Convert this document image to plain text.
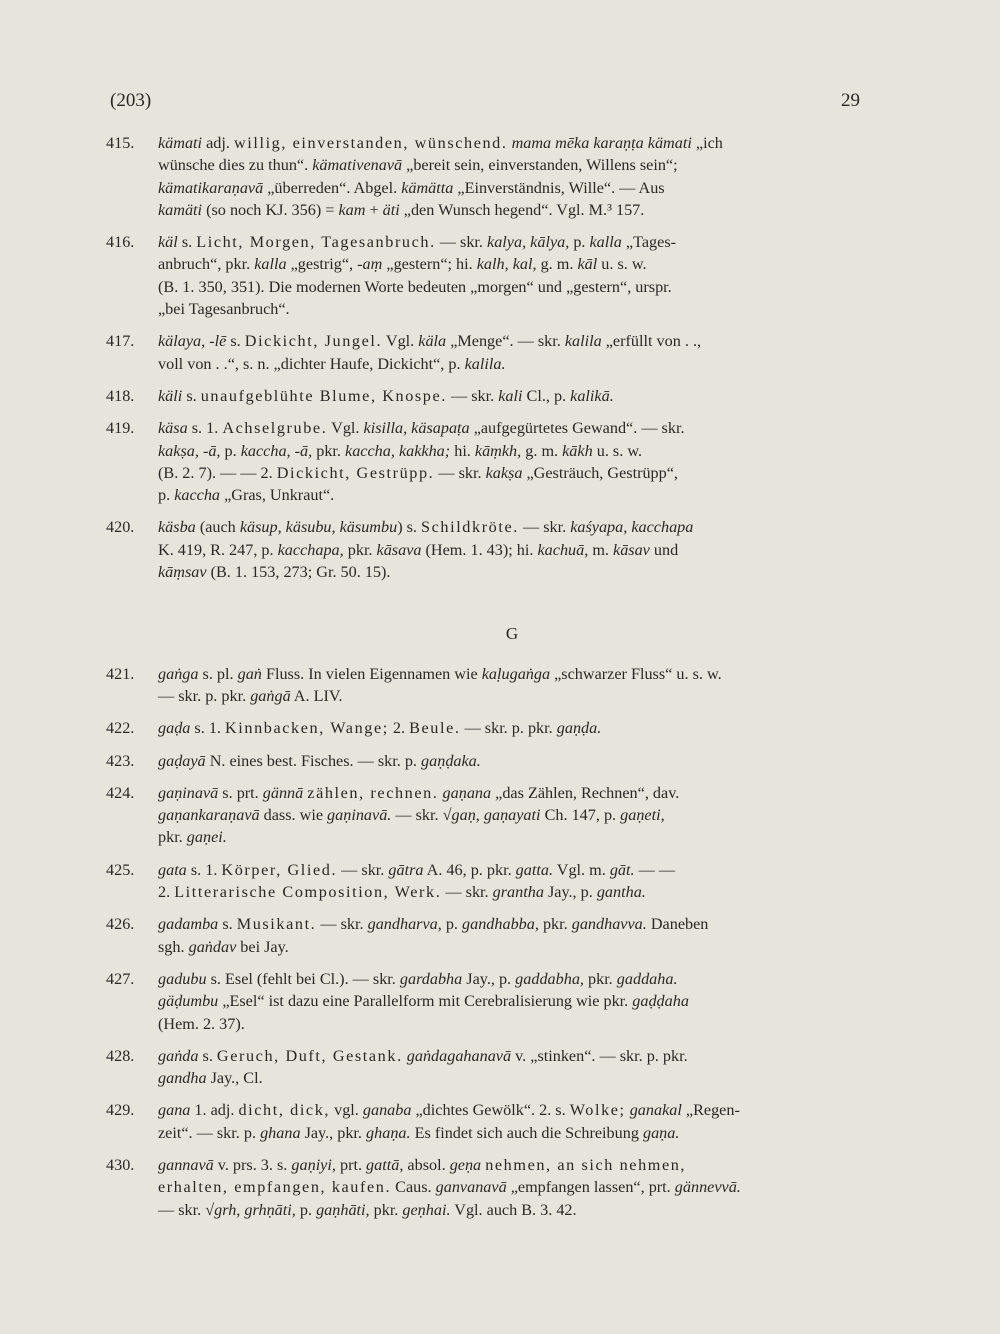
(203)	29
415.	kämati adj. willig, einverstanden, wünschend. mama mēka karaṇṭa kämati „ich
wünsche dies zu thun“. kämativenavā „bereit sein, einverstanden, Willens sein“;
kämatikaraṇavā „überreden“. Abgel. kämätta „Einverständnis, Wille“. — Aus
kamäti (so noch KJ. 356) = kam + äti „den Wunsch hegend“. Vgl. M.³ 157.
416.	käl s. Licht, Morgen, Tagesanbruch. — skr. kalya, kālya, p. kalla „Tages-
anbruch“, pkr. kalla „gestrig“, -aṃ „gestern“; hi. kalh, kal, g. m. kāl u. s. w.
(B. 1. 350, 351). Die modernen Worte bedeuten „morgen“ und „gestern“, urspr.
„bei Tagesanbruch“.
417.	kälaya, -lē s. Dickicht, Jungel. Vgl. käla „Menge“. — skr. kalila „erfüllt von . .,
voll von . .“, s. n. „dichter Haufe, Dickicht“, p. kalila.
418.	käli s. unaufgeblühte Blume, Knospe. — skr. kali Cl., p. kalikā.
419.	käsa s. 1. Achselgrube. Vgl. kisilla, käsapaṭa „aufgegürtetes Gewand“. — skr.
kakṣa, -ā, p. kaccha, -ā, pkr. kaccha, kakkha; hi. kāṃkh, g. m. kākh u. s. w.
(B. 2. 7). — — 2. Dickicht, Gestrüpp. — skr. kakṣa „Gesträuch, Gestrüpp“,
p. kaccha „Gras, Unkraut“.
420.	käsba (auch käsup, käsubu, käsumbu) s. Schildkröte. — skr. kaśyapa, kacchapa
K. 419, R. 247, p. kacchapa, pkr. kāsava (Hem. 1. 43); hi. kachuā, m. kāsav und
kāṃsav (B. 1. 153, 273; Gr. 50. 15).
G
421.	gaṅga s. pl. gaṅ Fluss. In vielen Eigennamen wie kaḷugaṅga „schwarzer Fluss“ u. s. w.
— skr. p. pkr. gaṅgā A. LIV.
422.	gaḍa s. 1. Kinnbacken, Wange; 2. Beule. — skr. p. pkr. gaṇḍa.
423.	gaḍayā N. eines best. Fisches. — skr. p. gaṇḍaka.
424.	gaṇinavā s. prt. gännā zählen, rechnen. gaṇana „das Zählen, Rechnen“, dav.
gaṇankaraṇavā dass. wie gaṇinavā. — skr. √gaṇ, gaṇayati Ch. 147, p. gaṇeti,
pkr. gaṇei.
425.	gata s. 1. Körper, Glied. — skr. gātra A. 46, p. pkr. gatta. Vgl. m. gāt. — —
2. Litterarische Composition, Werk. — skr. grantha Jay., p. gantha.
426.	gadamba s. Musikant. — skr. gandharva, p. gandhabba, pkr. gandhavva. Daneben
sgh. gaṅdav bei Jay.
427.	gadubu s. Esel (fehlt bei Cl.). — skr. gardabha Jay., p. gaddabha, pkr. gaddaha.
gäḍumbu „Esel“ ist dazu eine Parallelform mit Cerebralisierung wie pkr. gaḍḍaha
(Hem. 2. 37).
428.	gaṅda s. Geruch, Duft, Gestank. gaṅdagahanavā v. „stinken“. — skr. p. pkr.
gandha Jay., Cl.
429.	gana 1. adj. dicht, dick, vgl. ganaba „dichtes Gewölk“. 2. s. Wolke; ganakal „Regen-
zeit“. — skr. p. ghana Jay., pkr. ghaṇa. Es findet sich auch die Schreibung gaṇa.
430.	gannavā v. prs. 3. s. gaṇiyi, prt. gattā, absol. geṇa nehmen, an sich nehmen,
erhalten, empfangen, kaufen. Caus. ganvanavā „empfangen lassen“, prt. gännevvā.
— skr. √grh, grhṇāti, p. gaṇhāti, pkr. geṇhai. Vgl. auch B. 3. 42.
